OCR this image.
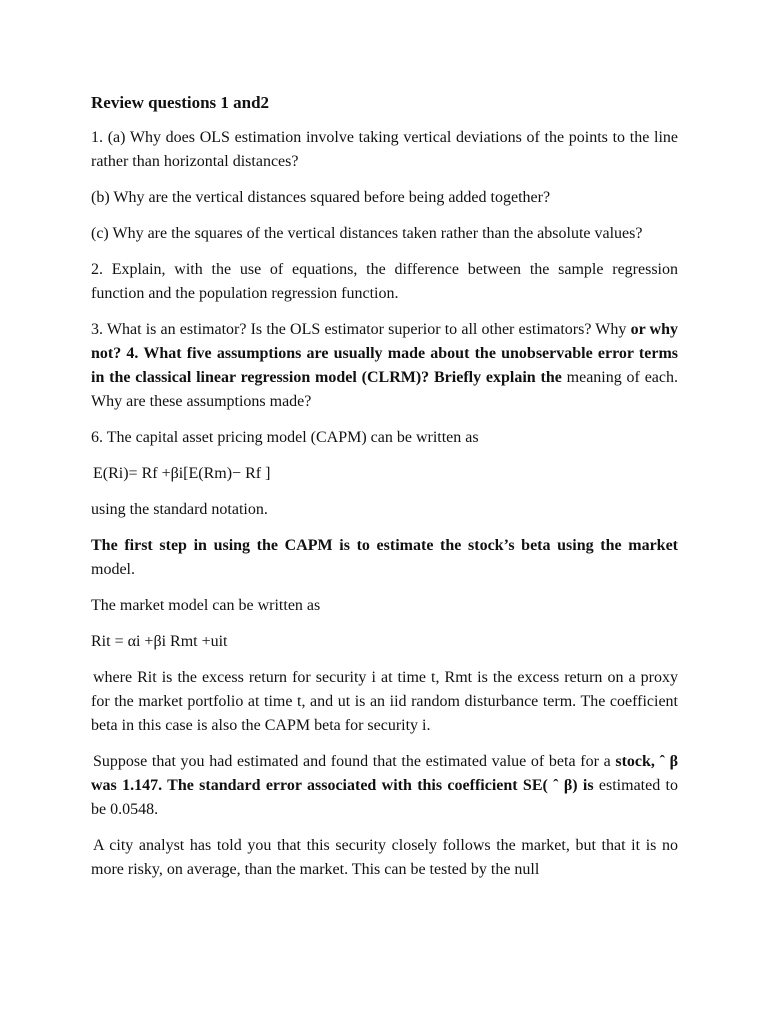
Review questions 1 and2

1. (a) Why does OLS estimation involve taking vertical deviations of the points to the line rather than horizontal distances?

(b) Why are the vertical distances squared before being added together?

(c) Why are the squares of the vertical distances taken rather than the absolute values?

2. Explain, with the use of equations, the difference between the sample regression function and the population regression function.

3. What is an estimator? Is the OLS estimator superior to all other estimators? Why or why not? 4. What five assumptions are usually made about the unobservable error terms in the classical linear regression model (CLRM)? Briefly explain the meaning of each. Why are these assumptions made?

6. The capital asset pricing model (CAPM) can be written as

E(Ri)= Rf +βi[E(Rm)− Rf ]

using the standard notation.

The first step in using the CAPM is to estimate the stock’s beta using the market model.

The market model can be written as

Rit = αi +βi Rmt +uit

where Rit is the excess return for security i at time t, Rmt is the excess return on a proxy for the market portfolio at time t, and ut is an iid random disturbance term. The coefficient beta in this case is also the CAPM beta for security i.

Suppose that you had estimated and found that the estimated value of beta for a stock, ˆ β was 1.147. The standard error associated with this coefficient SE( ˆ β) is estimated to be 0.0548.

A city analyst has told you that this security closely follows the market, but that it is no more risky, on average, than the market. This can be tested by the null
